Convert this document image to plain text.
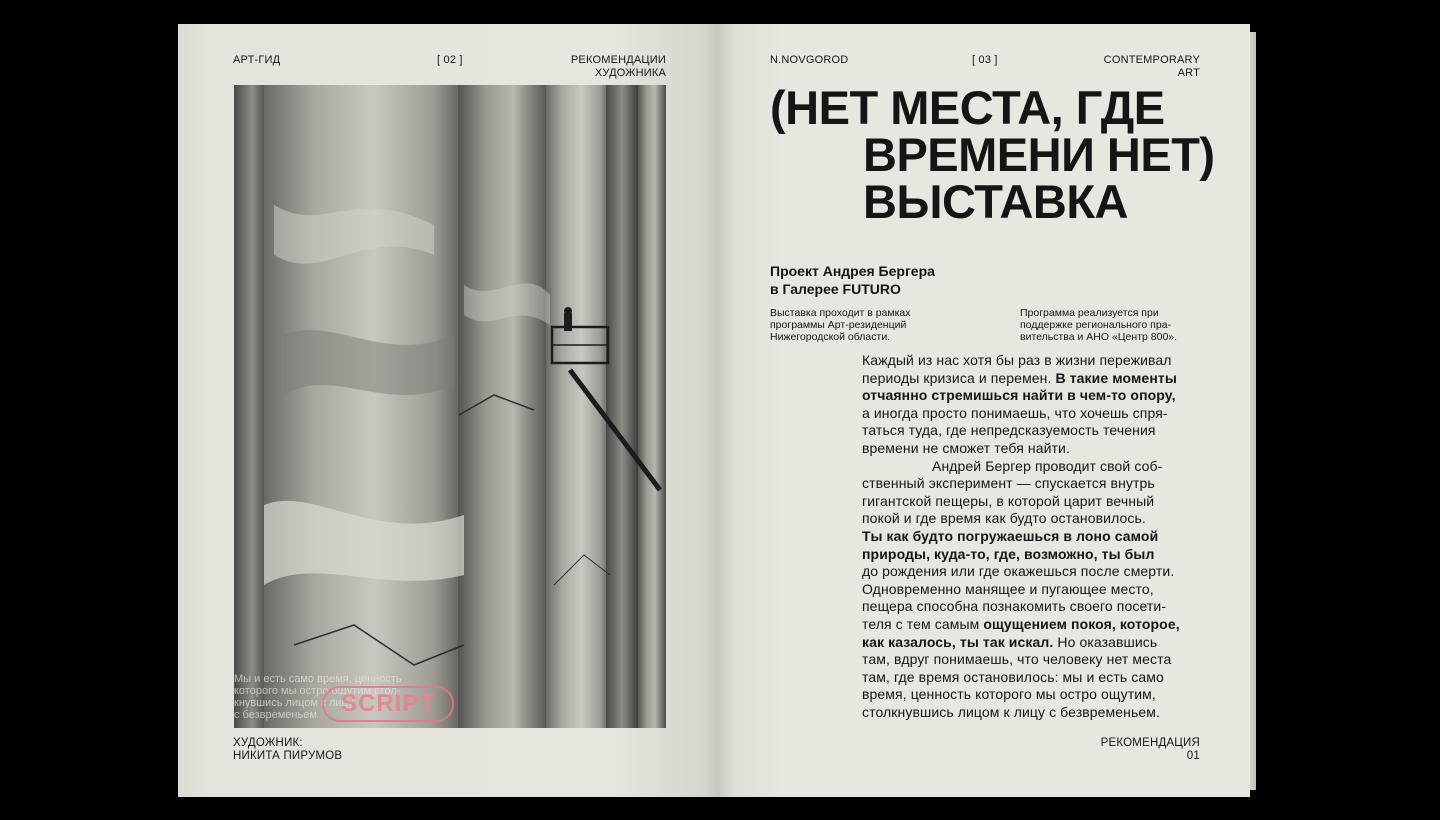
АРТ-ГИД	[ 02 ]	РЕКОМЕНДАЦИИ
ХУДОЖНИКА
Мы и есть само время, ценность
которого мы остро ощутим стол-
кнувшись лицом к лицу
с безвременьем	SCRIPT
ХУДОЖНИК:
НИКИТА ПИРУМОВ
N.NOVGOROD	[ 03 ]	CONTEMPORARY
ART
(НЕТ МЕСТА, ГДЕ
ВРЕМЕНИ НЕТ)
ВЫСТАВКА
Проект Андрея Бергера
в Галерее FUTURO
Выставка проходит в рамках
программы Арт-резиденций
Нижегородской области.
Программа реализуется при
поддержке регионального пра-
вительства и АНО «Центр 800».
Каждый из нас хотя бы раз в жизни переживал
периоды кризиса и перемен. В такие моменты
отчаянно стремишься найти в чем-то опору,
а иногда просто понимаешь, что хочешь спря-
таться туда, где непредсказуемость течения
времени не сможет тебя найти.
Андрей Бергер проводит свой соб-
ственный эксперимент — спускается внутрь
гигантской пещеры, в которой царит вечный
покой и где время как будто остановилось.
Ты как будто погружаешься в лоно самой
природы, куда-то, где, возможно, ты был
до рождения или где окажешься после смерти.
Одновременно манящее и пугающее место,
пещера способна познакомить своего посети-
теля с тем самым ощущением покоя, которое,
как казалось, ты так искал. Но оказавшись
там, вдруг понимаешь, что человеку нет места
там, где время остановилось: мы и есть само
время, ценность которого мы остро ощутим,
столкнувшись лицом к лицу с безвременьем.
РЕКОМЕНДАЦИЯ
01
